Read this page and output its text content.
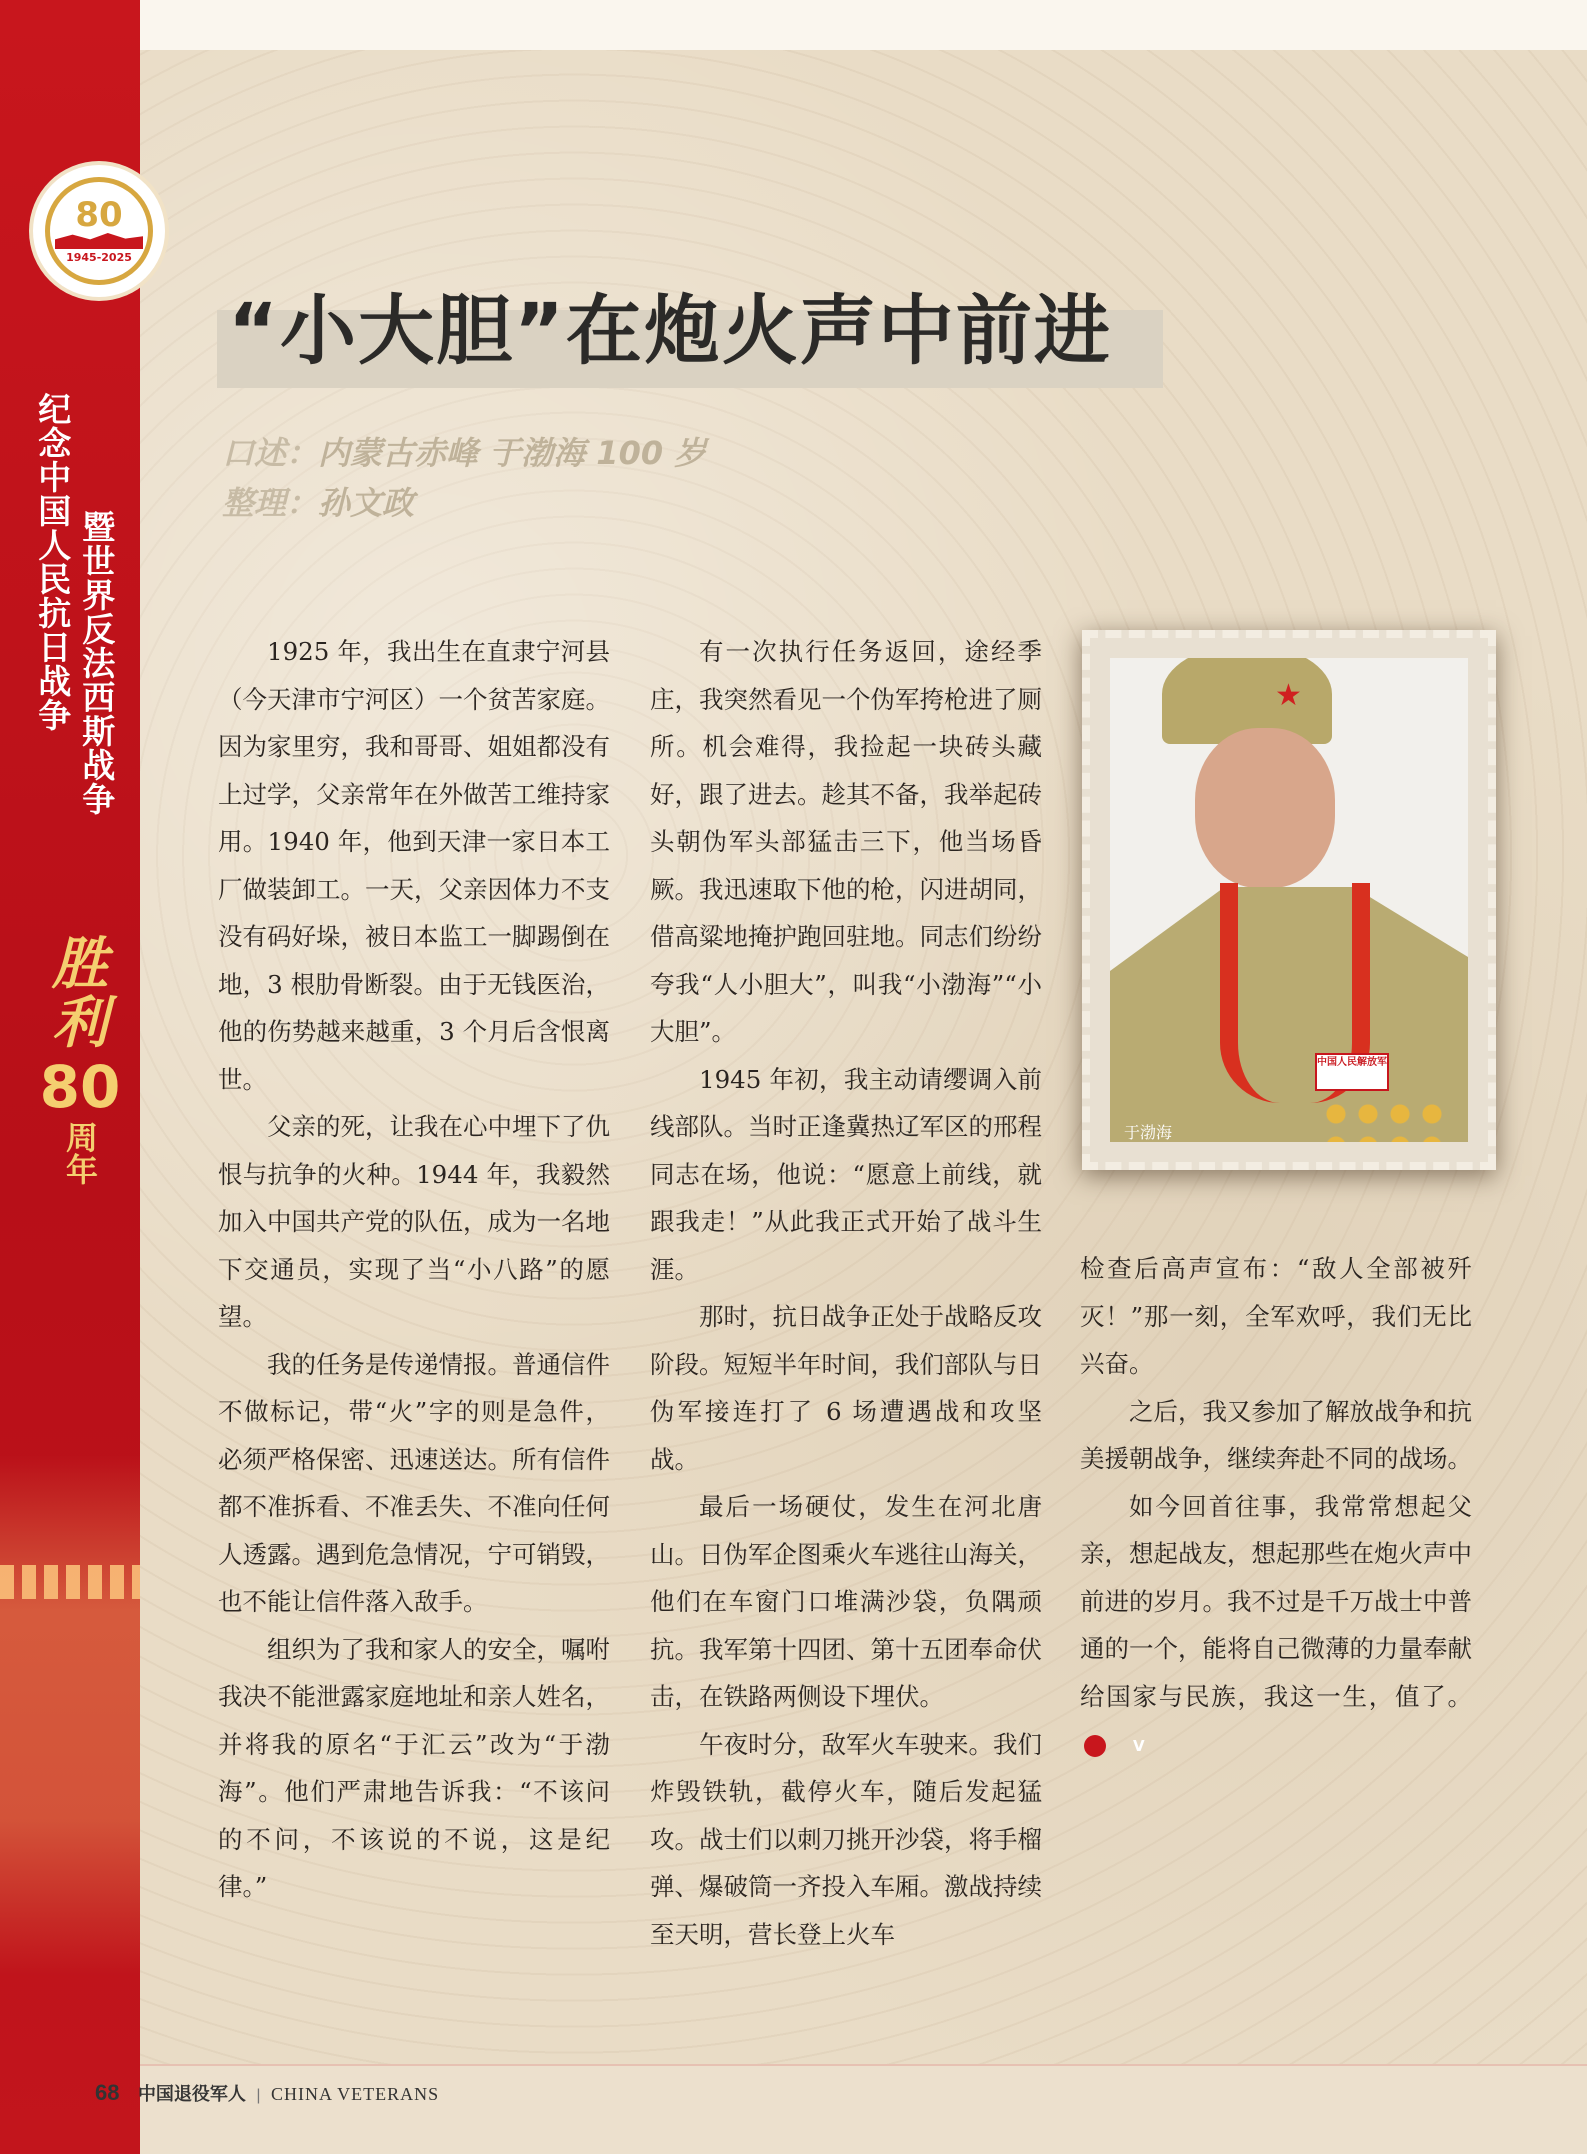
80
1945-2025
纪念中国人民抗日战争 暨世界反法西斯战争
胜利
80
周年
“小大胆”在炮火声中前进
口述：内蒙古赤峰 于渤海 100 岁
整理：孙文政

1925 年，我出生在直隶宁河县（今天津市宁河区）一个贫苦家庭。因为家里穷，我和哥哥、姐姐都没有上过学，父亲常年在外做苦工维持家用。1940 年，他到天津一家日本工厂做装卸工。一天，父亲因体力不支没有码好垛，被日本监工一脚踢倒在地，3 根肋骨断裂。由于无钱医治，他的伤势越来越重，3 个月后含恨离世。

父亲的死，让我在心中埋下了仇恨与抗争的火种。1944 年，我毅然加入中国共产党的队伍，成为一名地下交通员，实现了当“小八路”的愿望。

我的任务是传递情报。普通信件不做标记，带“火”字的则是急件，必须严格保密、迅速送达。所有信件都不准拆看、不准丢失、不准向任何人透露。遇到危急情况，宁可销毁，也不能让信件落入敌手。

组织为了我和家人的安全，嘱咐我决不能泄露家庭地址和亲人姓名，并将我的原名“于汇云”改为“于渤海”。他们严肃地告诉我：“不该问的不问，不该说的不说，这是纪律。”

有一次执行任务返回，途经季庄，我突然看见一个伪军挎枪进了厕所。机会难得，我捡起一块砖头藏好，跟了进去。趁其不备，我举起砖头朝伪军头部猛击三下，他当场昏厥。我迅速取下他的枪，闪进胡同，借高粱地掩护跑回驻地。同志们纷纷夸我“人小胆大”，叫我“小渤海”“小大胆”。

1945 年初，我主动请缨调入前线部队。当时正逢冀热辽军区的邢程同志在场，他说：“愿意上前线，就跟我走！”从此我正式开始了战斗生涯。

那时，抗日战争正处于战略反攻阶段。短短半年时间，我们部队与日伪军接连打了 6 场遭遇战和攻坚战。

最后一场硬仗，发生在河北唐山。日伪军企图乘火车逃往山海关，他们在车窗门口堆满沙袋，负隅顽抗。我军第十四团、第十五团奉命伏击，在铁路两侧设下埋伏。

午夜时分，敌军火车驶来。我们炸毁铁轨，截停火车，随后发起猛攻。战士们以刺刀挑开沙袋，将手榴弹、爆破筒一齐投入车厢。激战持续至天明，营长登上火车

★
中国人民解放军
于渤海

检查后高声宣布：“敌人全部被歼灭！”那一刻，全军欢呼，我们无比兴奋。

之后，我又参加了解放战争和抗美援朝战争，继续奔赴不同的战场。

如今回首往事，我常常想起父亲，想起战友，想起那些在炮火声中前进的岁月。我不过是千万战士中普通的一个，能将自己微薄的力量奉献给国家与民族，我这一生，值了。V

68 中国退役军人 | CHINA VETERANS
